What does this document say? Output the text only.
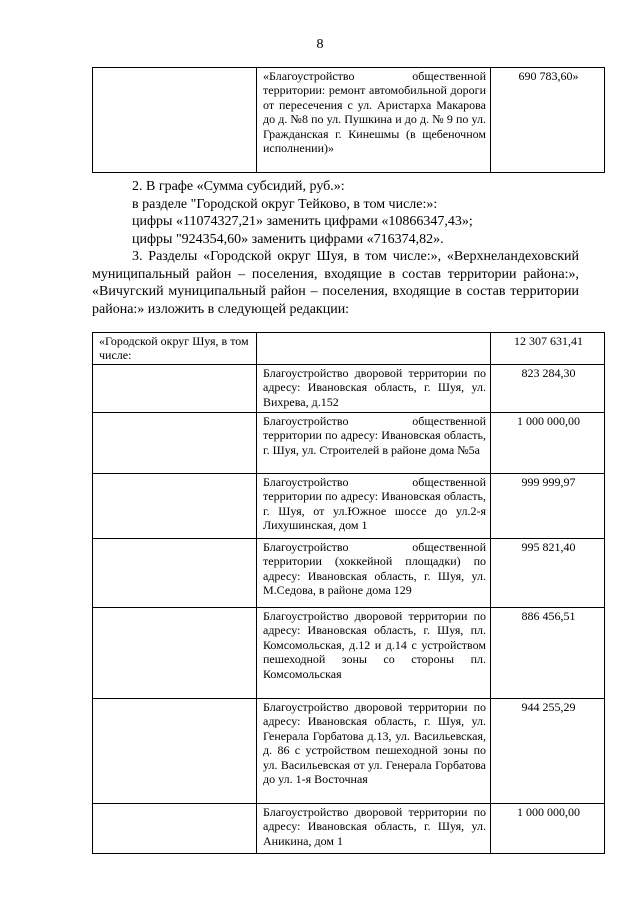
8
	«Благоустройство общественной территории: ремонт автомобильной дороги от пересечения с ул. Аристарха Макарова до д. №8 по ул. Пушкина и до д. № 9 по ул. Гражданская г. Кинешмы (в щебеночном исполнении)»	690 783,60»
2. В графе «Сумма субсидий, руб.»:
в разделе "Городской округ Тейково, в том числе:»:
цифры «11074327,21» заменить цифрами «10866347,43»;
цифры "924354,60» заменить цифрами «716374,82».
3. Разделы «Городской округ Шуя, в том числе:», «Верхнеландеховский муниципальный район – поселения, входящие в состав территории района:», «Вичугский муниципальный район – поселения, входящие в состав территории района:» изложить в следующей редакции:
«Городской округ Шуя, в том числе:		12 307 631,41
	Благоустройство дворовой территории по адресу: Ивановская область, г. Шуя, ул. Вихрева, д.152	823 284,30
	Благоустройство общественной территории по адресу: Ивановская область, г. Шуя, ул. Строителей в районе дома №5а	1 000 000,00
	Благоустройство общественной территории по адресу: Ивановская область, г. Шуя, от ул.Южное шоссе до ул.2-я Лихушинская, дом 1	999 999,97
	Благоустройство общественной территории (хоккейной площадки) по адресу: Ивановская область, г. Шуя, ул. М.Седова, в районе дома 129	995 821,40
	Благоустройство дворовой территории по адресу: Ивановская область, г. Шуя, пл. Комсомольская, д.12 и д.14 с устройством пешеходной зоны со стороны пл. Комсомольская	886 456,51
	Благоустройство дворовой территории по адресу: Ивановская область, г. Шуя, ул. Генерала Горбатова д.13, ул. Васильевская, д. 86 с устройством пешеходной зоны по ул. Васильевская от ул. Генерала Горбатова до ул. 1-я Восточная	944 255,29
	Благоустройство дворовой территории по адресу: Ивановская область, г. Шуя, ул. Аникина, дом 1	1 000 000,00
